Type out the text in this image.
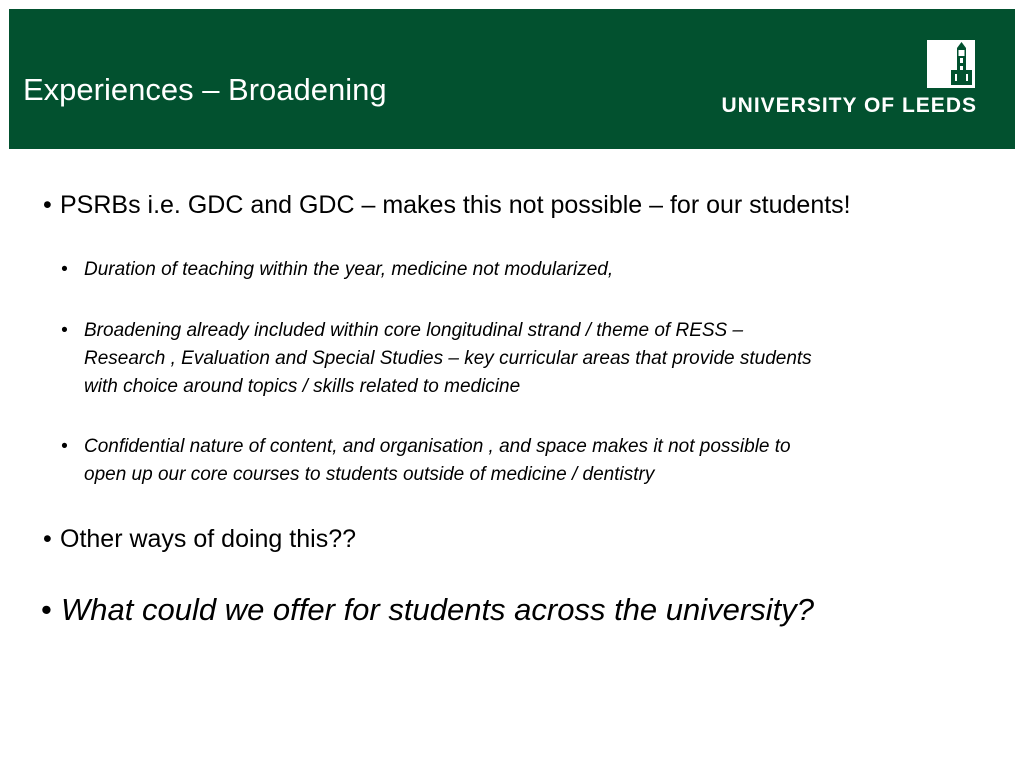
Experiences – Broadening	UNIVERSITY OF LEEDS
• PSRBs i.e. GDC and GDC – makes this not possible – for our students!
• Duration of teaching within the year, medicine not modularized,
• Broadening already included within core longitudinal strand / theme of RESS –
Research , Evaluation and Special Studies – key curricular areas that provide students
with choice around topics / skills related to medicine
• Confidential nature of content, and organisation , and space makes it not possible to
open up our core courses to students outside of medicine / dentistry
• Other ways of doing this??
• What could we offer for students across the university?
